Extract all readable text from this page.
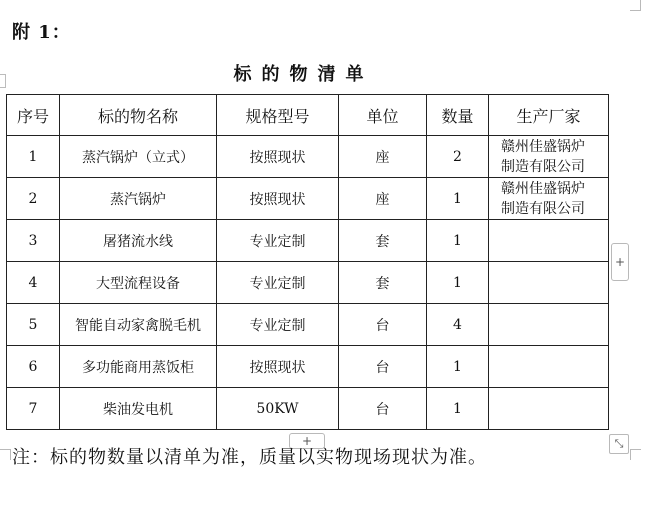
附 1：
标的物清单
序号	标的物名称	规格型号	单位	数量	生产厂家
1	蒸汽锅炉（立式）	按照现状	座	2	赣州佳盛锅炉
制造有限公司

2	蒸汽锅炉	按照现状	座	1	赣州佳盛锅炉
制造有限公司

3	屠猪流水线	专业定制	套	1	

4	大型流程设备	专业定制	套	1	

5	智能自动家禽脱毛机	专业定制	台	4	

6	多功能商用蒸饭柜	按照现状	台	1	

7	柴油发电机	50KW	台	1	
+
+	⤡
注：标的物数量以清单为准，质量以实物现场现状为准。
